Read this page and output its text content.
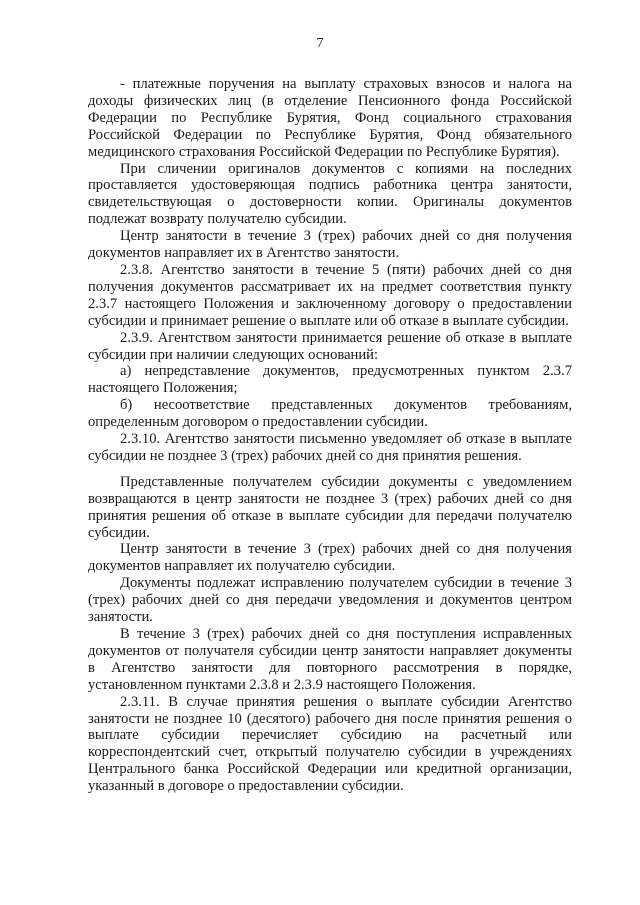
7

- платежные поручения на выплату страховых взносов и налога на доходы физических лиц (в отделение Пенсионного фонда Российской Федерации по Республике Бурятия, Фонд социального страхования Российской Федерации по Республике Бурятия, Фонд обязательного медицинского страхования Российской Федерации по Республике Бурятия).

При сличении оригиналов документов с копиями на последних проставляется удостоверяющая подпись работника центра занятости, свидетельствующая о достоверности копии. Оригиналы документов подлежат возврату получателю субсидии.

Центр занятости в течение 3 (трех) рабочих дней со дня получения документов направляет их в Агентство занятости.

2.3.8. Агентство занятости в течение 5 (пяти) рабочих дней со дня получения документов рассматривает их на предмет соответствия пункту 2.3.7 настоящего Положения и заключенному договору о предоставлении субсидии и принимает решение о выплате или об отказе в выплате субсидии.

2.3.9. Агентством занятости принимается решение об отказе в выплате субсидии при наличии следующих оснований:

а) непредставление документов, предусмотренных пунктом 2.3.7 настоящего Положения;

б) несоответствие представленных документов требованиям, определенным договором о предоставлении субсидии.

2.3.10. Агентство занятости письменно уведомляет об отказе в выплате субсидии не позднее 3 (трех) рабочих дней со дня принятия решения.

Представленные получателем субсидии документы с уведомлением возвращаются в центр занятости не позднее 3 (трех) рабочих дней со дня принятия решения об отказе в выплате субсидии для передачи получателю субсидии.

Центр занятости в течение 3 (трех) рабочих дней со дня получения документов направляет их получателю субсидии.

Документы подлежат исправлению получателем субсидии в течение 3 (трех) рабочих дней со дня передачи уведомления и документов центром занятости.

В течение 3 (трех) рабочих дней со дня поступления исправленных документов от получателя субсидии центр занятости направляет документы в Агентство занятости для повторного рассмотрения в порядке, установленном пунктами 2.3.8 и 2.3.9 настоящего Положения.

2.3.11. В случае принятия решения о выплате субсидии Агентство занятости не позднее 10 (десятого) рабочего дня после принятия решения о выплате субсидии перечисляет субсидию на расчетный или корреспондентский счет, открытый получателю субсидии в учреждениях Центрального банка Российской Федерации или кредитной организации, указанный в договоре о предоставлении субсидии.
